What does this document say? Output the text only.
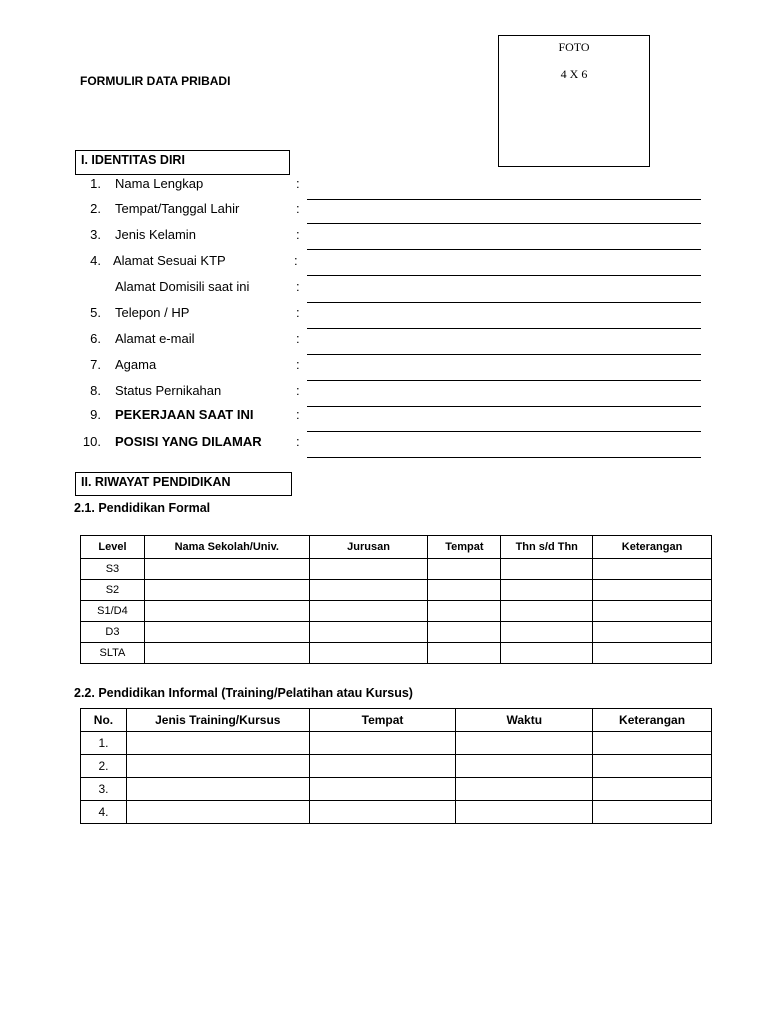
FORMULIR DATA PRIBADI
FOTO
4 X 6
I. IDENTITAS DIRI
1. Nama Lengkap	:
2. Tempat/Tanggal Lahir	:
3. Jenis Kelamin	:
4. Alamat Sesuai KTP	:
Alamat Domisili saat ini	:
5. Telepon / HP	:
6. Alamat e-mail	:
7. Agama	:
8. Status Pernikahan	:
9. PEKERJAAN SAAT INI	:
10. POSISI YANG DILAMAR	:
II. RIWAYAT PENDIDIKAN
2.1. Pendidikan Formal
Level	Nama Sekolah/Univ.	Jurusan	Tempat	Thn s/d Thn	Keterangan
S3					
S2					
S1/D4					
D3					
SLTA					
2.2. Pendidikan Informal (Training/Pelatihan atau Kursus)
No.	Jenis Training/Kursus	Tempat	Waktu	Keterangan
1.				
2.				
3.				
4.				
